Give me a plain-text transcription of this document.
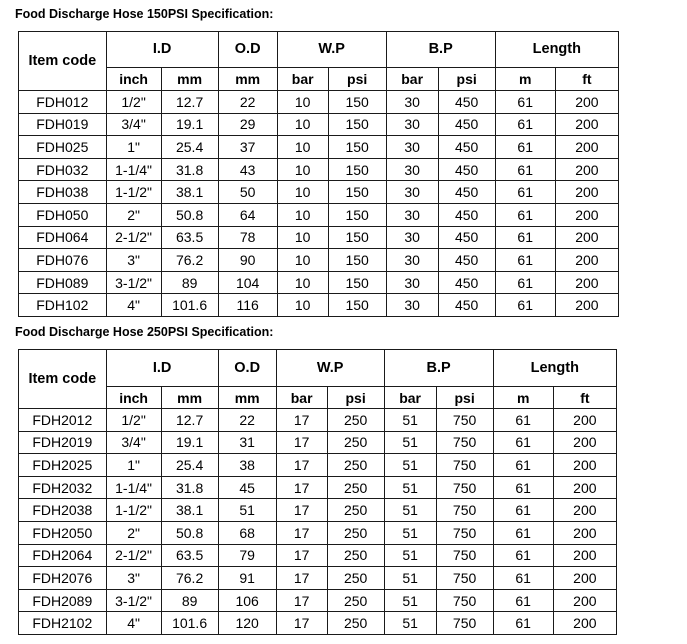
Food Discharge Hose 150PSI Specification:
Item code	I.D		O.D	W.P		B.P		Length	
	inch	mm	mm	bar	psi	bar	psi	m	ft
FDH012	1/2"	12.7	22	10	150	30	450	61	200
FDH019	3/4"	19.1	29	10	150	30	450	61	200
FDH025	1"	25.4	37	10	150	30	450	61	200
FDH032	1-1/4"	31.8	43	10	150	30	450	61	200
FDH038	1-1/2"	38.1	50	10	150	30	450	61	200
FDH050	2"	50.8	64	10	150	30	450	61	200
FDH064	2-1/2"	63.5	78	10	150	30	450	61	200
FDH076	3"	76.2	90	10	150	30	450	61	200
FDH089	3-1/2"	89	104	10	150	30	450	61	200
FDH102	4"	101.6	116	10	150	30	450	61	200
Food Discharge Hose 250PSI Specification:
Item code	I.D		O.D	W.P		B.P		Length	
	inch	mm	mm	bar	psi	bar	psi	m	ft
FDH2012	1/2"	12.7	22	17	250	51	750	61	200
FDH2019	3/4"	19.1	31	17	250	51	750	61	200
FDH2025	1"	25.4	38	17	250	51	750	61	200
FDH2032	1-1/4"	31.8	45	17	250	51	750	61	200
FDH2038	1-1/2"	38.1	51	17	250	51	750	61	200
FDH2050	2"	50.8	68	17	250	51	750	61	200
FDH2064	2-1/2"	63.5	79	17	250	51	750	61	200
FDH2076	3"	76.2	91	17	250	51	750	61	200
FDH2089	3-1/2"	89	106	17	250	51	750	61	200
FDH2102	4"	101.6	120	17	250	51	750	61	200
